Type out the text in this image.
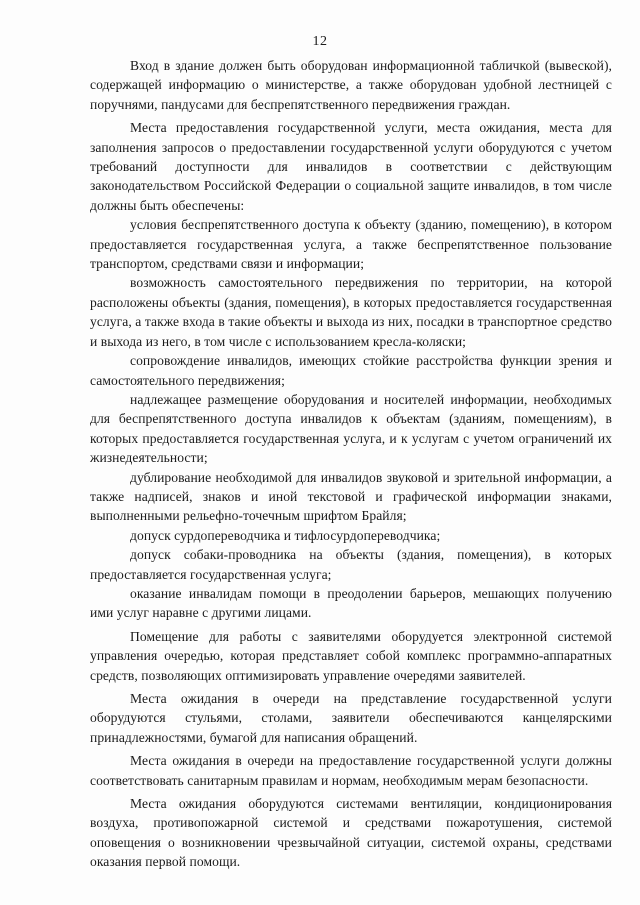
12

Вход в здание должен быть оборудован информационной табличкой (вывеской), содержащей информацию о министерстве, а также оборудован удобной лестницей с поручнями, пандусами для беспрепятственного передвижения граждан.

Места предоставления государственной услуги, места ожидания, места для заполнения запросов о предоставлении государственной услуги оборудуются с учетом требований доступности для инвалидов в соответствии с действующим законодательством Российской Федерации о социальной защите инвалидов, в том числе должны быть обеспечены:

условия беспрепятственного доступа к объекту (зданию, помещению), в котором предоставляется государственная услуга, а также беспрепятственное пользование транспортом, средствами связи и информации;

возможность самостоятельного передвижения по территории, на которой расположены объекты (здания, помещения), в которых предоставляется государственная услуга, а также входа в такие объекты и выхода из них, посадки в транспортное средство и выхода из него, в том числе с использованием кресла-коляски;

сопровождение инвалидов, имеющих стойкие расстройства функции зрения и самостоятельного передвижения;

надлежащее размещение оборудования и носителей информации, необходимых для беспрепятственного доступа инвалидов к объектам (зданиям, помещениям), в которых предоставляется государственная услуга, и к услугам с учетом ограничений их жизнедеятельности;

дублирование необходимой для инвалидов звуковой и зрительной информации, а также надписей, знаков и иной текстовой и графической информации знаками, выполненными рельефно-точечным шрифтом Брайля;

допуск сурдопереводчика и тифлосурдопереводчика;

допуск собаки-проводника на объекты (здания, помещения), в которых предоставляется государственная услуга;

оказание инвалидам помощи в преодолении барьеров, мешающих получению ими услуг наравне с другими лицами.

Помещение для работы с заявителями оборудуется электронной системой управления очередью, которая представляет собой комплекс программно-аппаратных средств, позволяющих оптимизировать управление очередями заявителей.

Места ожидания в очереди на представление государственной услуги оборудуются стульями, столами, заявители обеспечиваются канцелярскими принадлежностями, бумагой для написания обращений.

Места ожидания в очереди на предоставление государственной услуги должны соответствовать санитарным правилам и нормам, необходимым мерам безопасности.

Места ожидания оборудуются системами вентиляции, кондиционирования воздуха, противопожарной системой и средствами пожаротушения, системой оповещения о возникновении чрезвычайной ситуации, системой охраны, средствами оказания первой помощи.
